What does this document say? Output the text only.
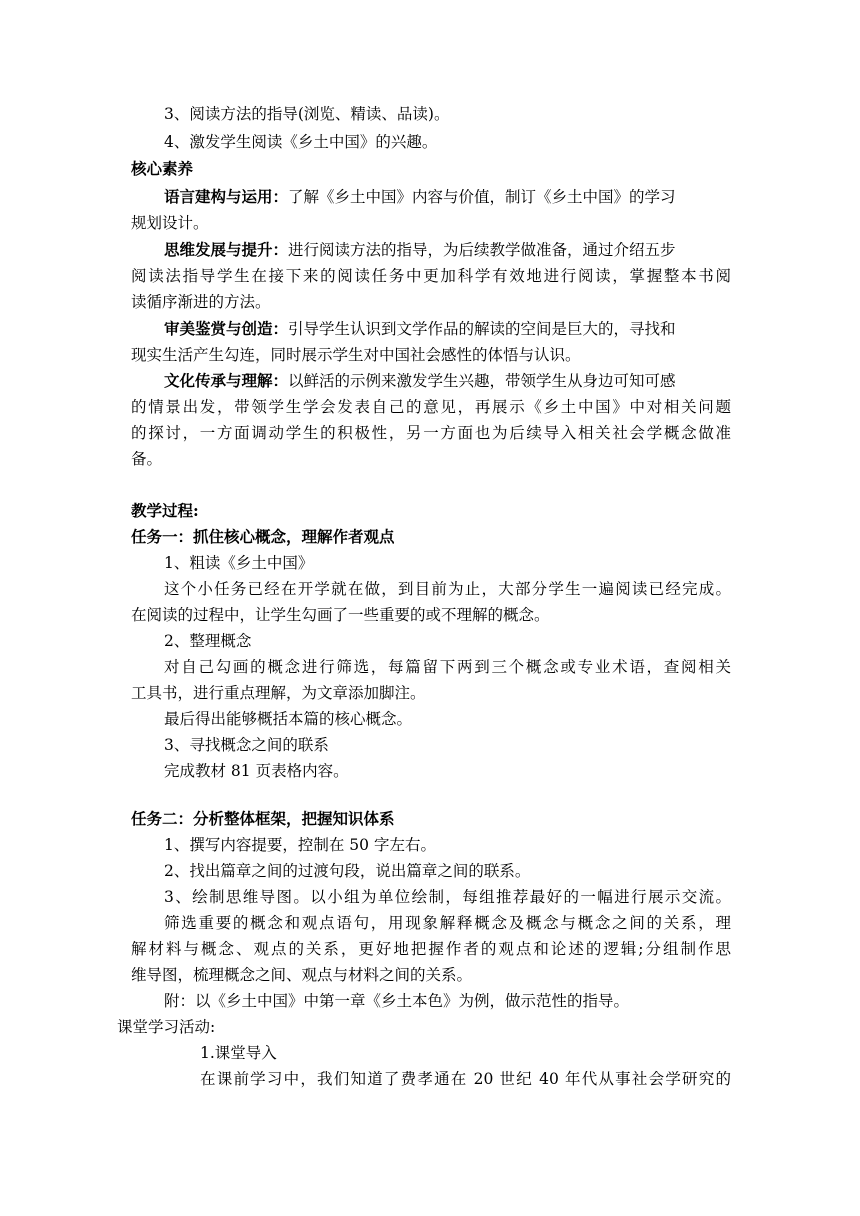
3、阅读方法的指导(浏览、精读、品读)。
4、激发学生阅读《乡土中国》的兴趣。
核心素养
语言建构与运用：了解《乡土中国》内容与价值，制订《乡土中国》的学习
规划设计。
思维发展与提升：进行阅读方法的指导，为后续教学做准备，通过介绍五步
阅读法指导学生在接下来的阅读任务中更加科学有效地进行阅读，掌握整本书阅
读循序渐进的方法。
审美鉴赏与创造：引导学生认识到文学作品的解读的空间是巨大的，寻找和
现实生活产生勾连，同时展示学生对中国社会感性的体悟与认识。
文化传承与理解：以鲜活的示例来激发学生兴趣，带领学生从身边可知可感
的情景出发，带领学生学会发表自己的意见，再展示《乡土中国》中对相关问题
的探讨，一方面调动学生的积极性，另一方面也为后续导入相关社会学概念做准
备。
教学过程:
任务一：抓住核心概念，理解作者观点
1、粗读《乡土中国》
这个小任务已经在开学就在做，到目前为止，大部分学生一遍阅读已经完成。
在阅读的过程中，让学生勾画了一些重要的或不理解的概念。
2、整理概念
对自己勾画的概念进行筛选，每篇留下两到三个概念或专业术语，查阅相关
工具书，进行重点理解，为文章添加脚注。
最后得出能够概括本篇的核心概念。
3、寻找概念之间的联系
完成教材 81 页表格内容。
任务二：分析整体框架，把握知识体系
1、撰写内容提要，控制在 50 字左右。
2、找出篇章之间的过渡句段，说出篇章之间的联系。
3、绘制思维导图。以小组为单位绘制，每组推荐最好的一幅进行展示交流。
筛选重要的概念和观点语句，用现象解释概念及概念与概念之间的关系，理
解材料与概念、观点的关系，更好地把握作者的观点和论述的逻辑;分组制作思
维导图，梳理概念之间、观点与材料之间的关系。
附：以《乡土中国》中第一章《乡土本色》为例，做示范性的指导。
课堂学习活动:
1.课堂导入
在课前学习中，我们知道了费孝通在 20 世纪 40 年代从事社会学研究的
